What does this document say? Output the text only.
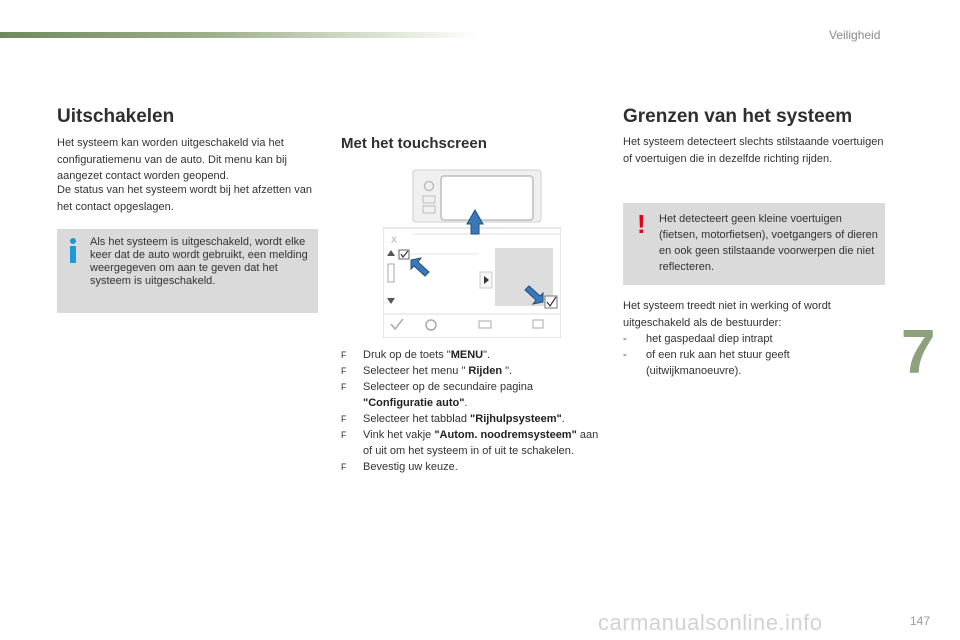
Veiligheid
Uitschakelen
Het systeem kan worden uitgeschakeld via het configuratiemenu van de auto. Dit menu kan bij aangezet contact worden geopend.
De status van het systeem wordt bij het afzetten van het contact opgeslagen.
Als het systeem is uitgeschakeld, wordt elke keer dat de auto wordt gebruikt, een melding weergegeven om aan te geven dat het systeem is uitgeschakeld.
Met het touchscreen
X
F Druk op de toets "MENU".
F Selecteer het menu " Rijden ".
F Selecteer op de secundaire pagina "Configuratie auto".
F Selecteer het tabblad "Rijhulpsysteem".
F Vink het vakje "Autom. noodremsysteem" aan of uit om het systeem in of uit te schakelen.
F Bevestig uw keuze.
Grenzen van het systeem
Het systeem detecteert slechts stilstaande voertuigen of voertuigen die in dezelfde richting rijden.
! Het detecteert geen kleine voertuigen (fietsen, motorfietsen), voetgangers of dieren en ook geen stilstaande voorwerpen die niet reflecteren.
Het systeem treedt niet in werking of wordt uitgeschakeld als de bestuurder:
- het gaspedaal diep intrapt
- of een ruk aan het stuur geeft (uitwijkmanoeuvre).	7
carmanualsonline.info	147
